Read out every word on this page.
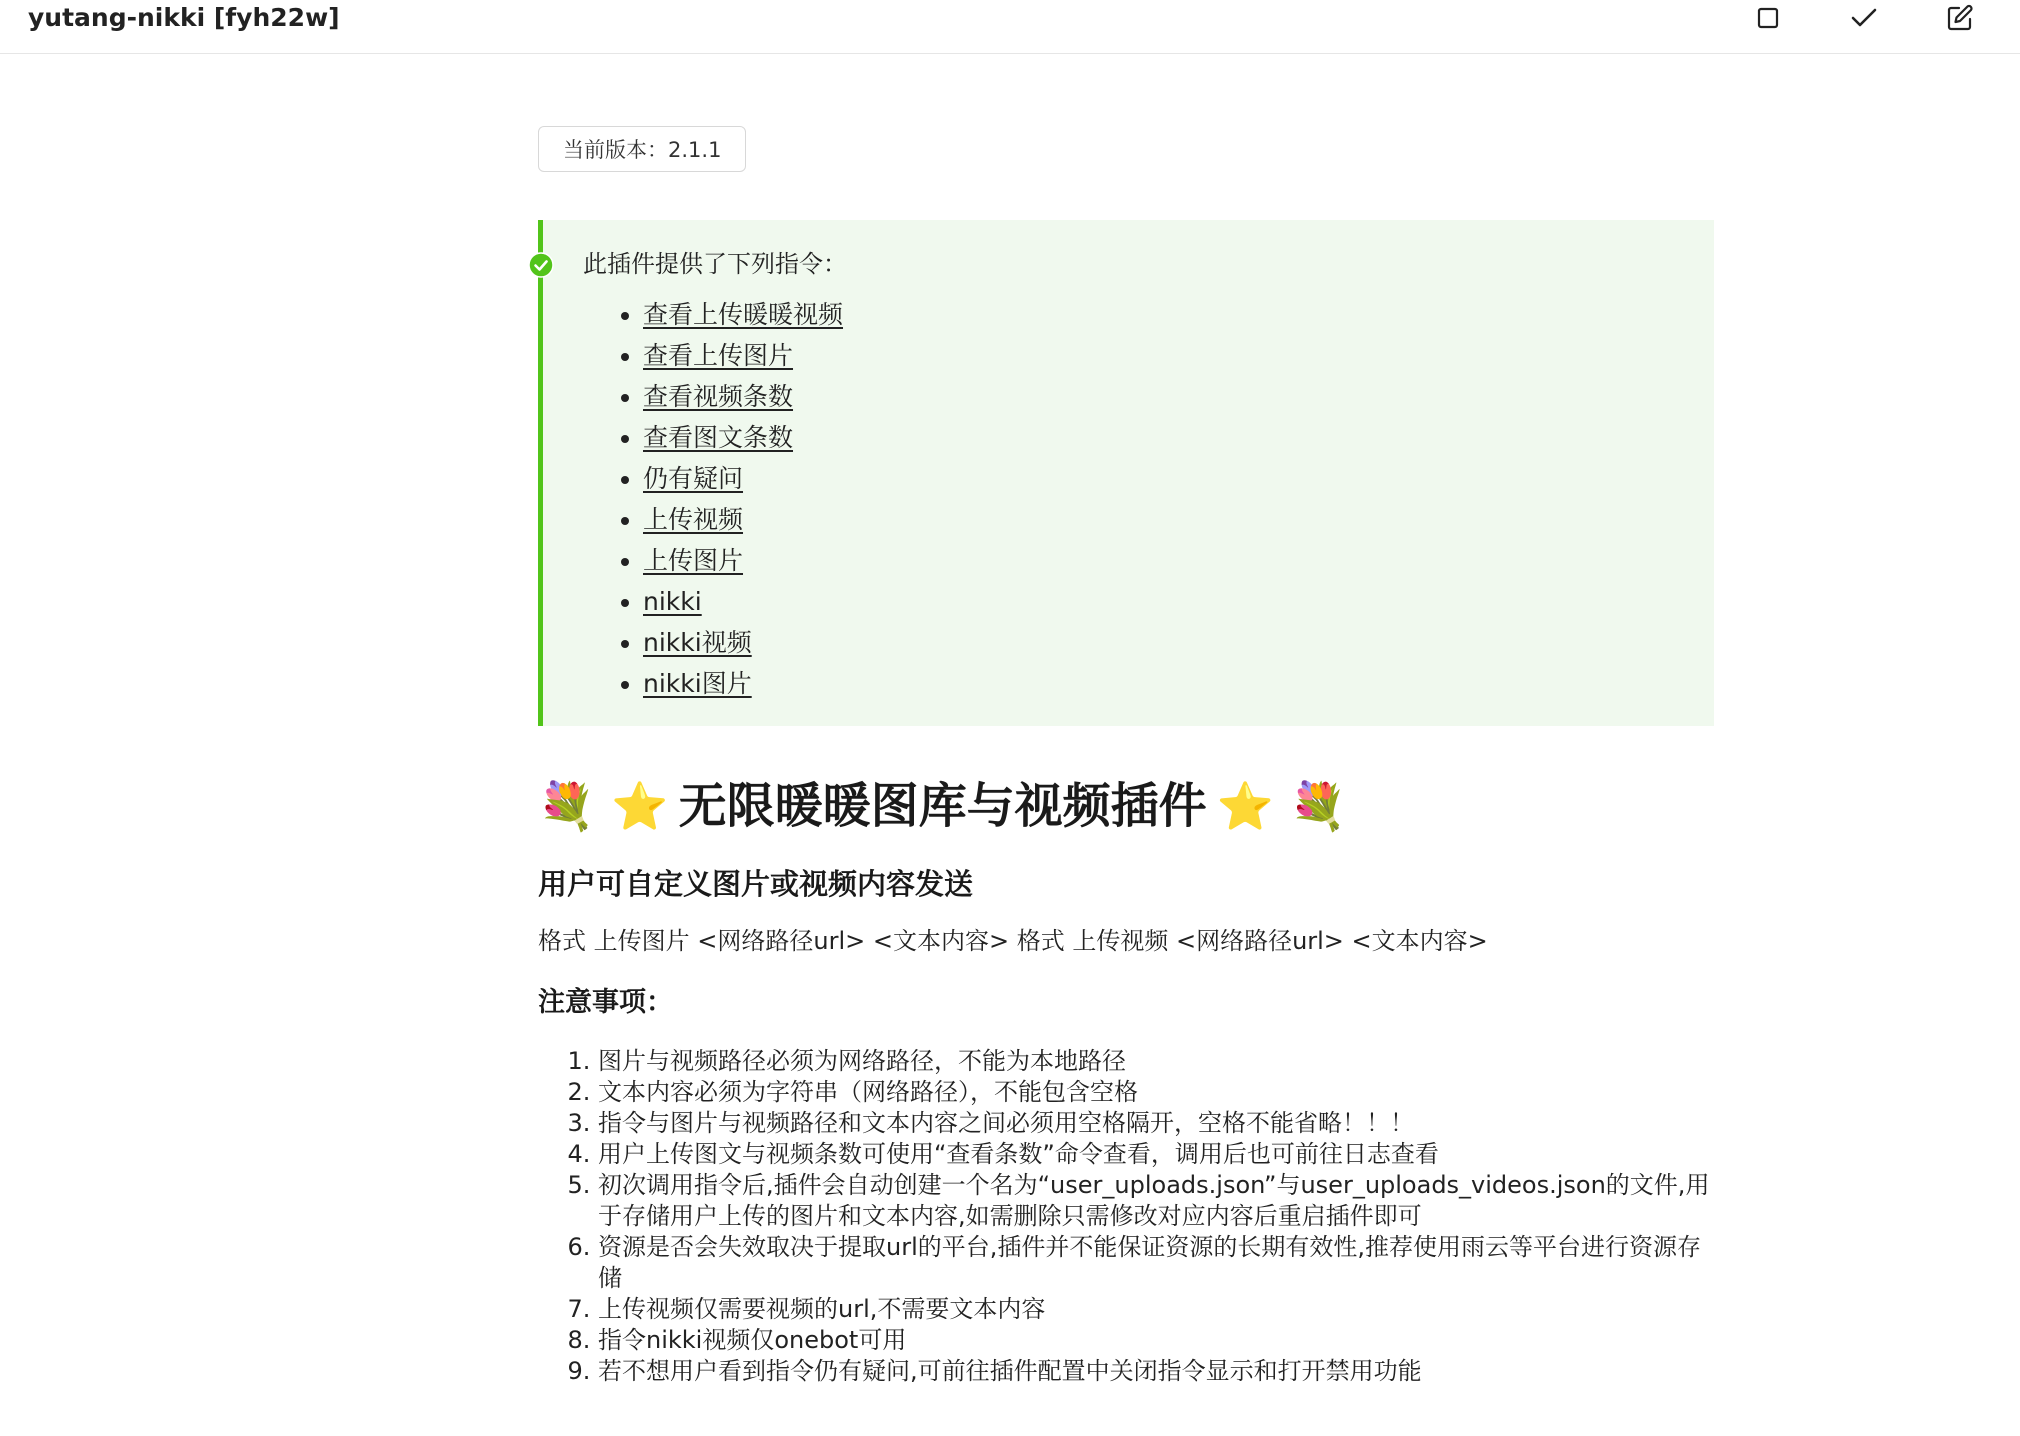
yutang-nikki [fyh22w]
当前版本：2.1.1

此插件提供了下列指令：

• 查看上传暖暖视频
• 查看上传图片
• 查看视频条数
• 查看图文条数
• 仍有疑问
• 上传视频
• 上传图片
• nikki
• nikki视频
• nikki图片
💐 ⭐ 无限暖暖图库与视频插件 ⭐ 💐
用户可自定义图片或视频内容发送

格式 上传图片 <网络路径url> <文本内容> 格式 上传视频 <网络路径url> <文本内容>

注意事项：
1. 图片与视频路径必须为网络路径，不能为本地路径
2. 文本内容必须为字符串（网络路径），不能包含空格
3. 指令与图片与视频路径和文本内容之间必须用空格隔开，空格不能省略！！！
4. 用户上传图文与视频条数可使用“查看条数”命令查看，调用后也可前往日志查看
5. 初次调用指令后,插件会自动创建一个名为“user_uploads.json”与user_uploads_videos.json的文件,用于存储用户上传的图片和文本内容,如需删除只需修改对应内容后重启插件即可
6. 资源是否会失效取决于提取url的平台,插件并不能保证资源的长期有效性,推荐使用雨云等平台进行资源存储
7. 上传视频仅需要视频的url,不需要文本内容
8. 指令nikki视频仅onebot可用
9. 若不想用户看到指令仍有疑问,可前往插件配置中关闭指令显示和打开禁用功能
